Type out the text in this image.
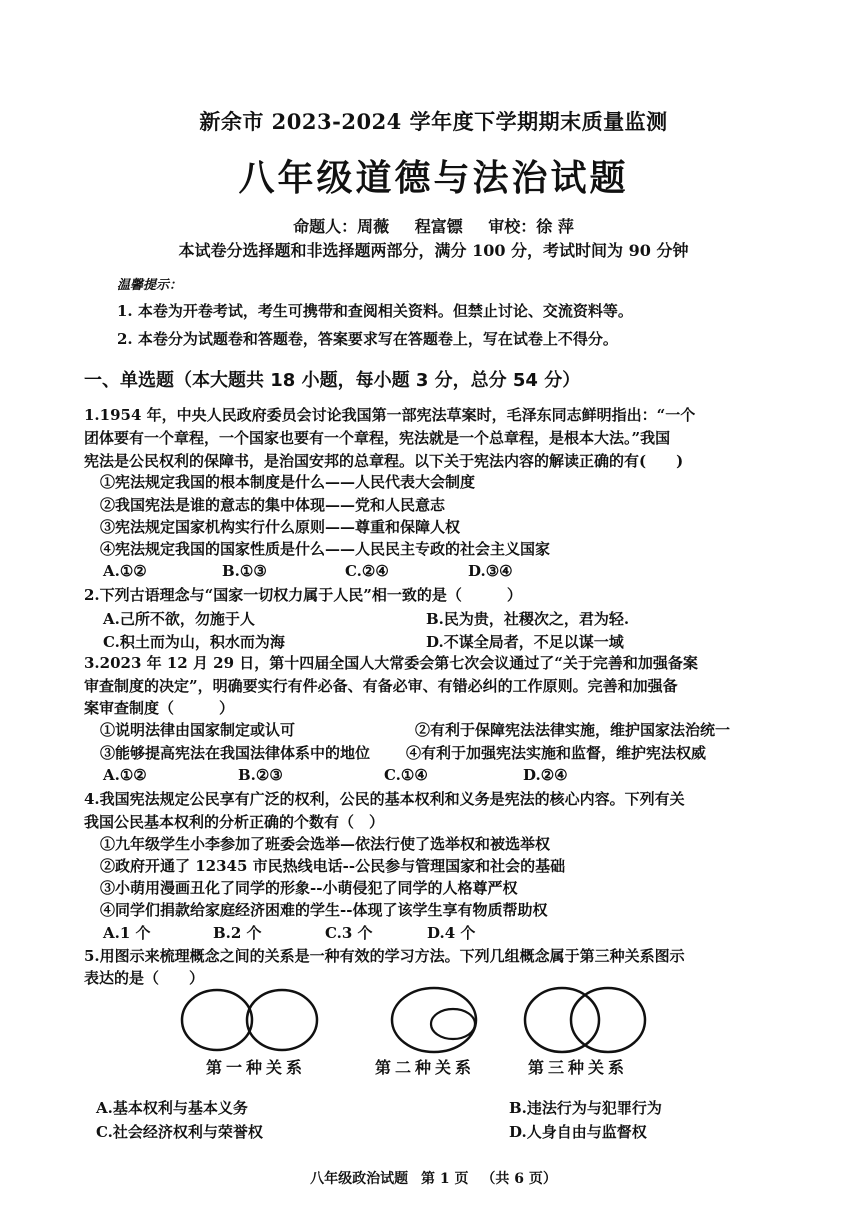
新余市 2023-2024 学年度下学期期末质量监测
八年级道德与法治试题
命题人：周薇 程富镖 审校：徐 萍
本试卷分选择题和非选择题两部分，满分 100 分，考试时间为 90 分钟
温馨提示：
1. 本卷为开卷考试，考生可携带和查阅相关资料。但禁止讨论、交流资料等。
2. 本卷分为试题卷和答题卷，答案要求写在答题卷上，写在试卷上不得分。
一、单选题（本大题共 18 小题，每小题 3 分，总分 54 分）
1.1954 年，中央人民政府委员会讨论我国第一部宪法草案时，毛泽东同志鲜明指出：“一个
团体要有一个章程，一个国家也要有一个章程，宪法就是一个总章程，是根本大法。”我国
宪法是公民权利的保障书，是治国安邦的总章程。以下关于宪法内容的解读正确的有(　　)
①宪法规定我国的根本制度是什么——人民代表大会制度
②我国宪法是谁的意志的集中体现——党和人民意志
③宪法规定国家机构实行什么原则——尊重和保障人权
④宪法规定我国的国家性质是什么——人民民主专政的社会主义国家
A.①②	B.①③	C.②④	D.③④
2.下列古语理念与“国家一切权力属于人民”相一致的是（　　　）
A.己所不欲，勿施于人	B.民为贵，社稷次之，君为轻.
C.积土而为山，积水而为海	D.不谋全局者，不足以谋一域
3.2023 年 12 月 29 日，第十四届全国人大常委会第七次会议通过了“关于完善和加强备案
审查制度的决定”，明确要实行有件必备、有备必审、有错必纠的工作原则。完善和加强备
案审查制度（　　　）
①说明法律由国家制定或认可	②有利于保障宪法法律实施，维护国家法治统一
③能够提高宪法在我国法律体系中的地位 ④有利于加强宪法实施和监督，维护宪法权威
A.①②	B.②③	C.①④	D.②④
4.我国宪法规定公民享有广泛的权利，公民的基本权利和义务是宪法的核心内容。下列有关
我国公民基本权利的分析正确的个数有（　）
①九年级学生小李参加了班委会选举—依法行使了选举权和被选举权
②政府开通了 12345 市民热线电话--公民参与管理国家和社会的基础
③小萌用漫画丑化了同学的形象--小萌侵犯了同学的人格尊严权
④同学们捐款给家庭经济困难的学生--体现了该学生享有物质帮助权
A.1 个	B.2 个	C.3 个	D.4 个
5.用图示来梳理概念之间的关系是一种有效的学习方法。下列几组概念属于第三种关系图示
表达的是（　　）
第一种关系	第二种关系	第三种关系
A.基本权利与基本义务	B.违法行为与犯罪行为
C.社会经济权利与荣誉权	D.人身自由与监督权
八年级政治试题 第 1 页 （共 6 页）
